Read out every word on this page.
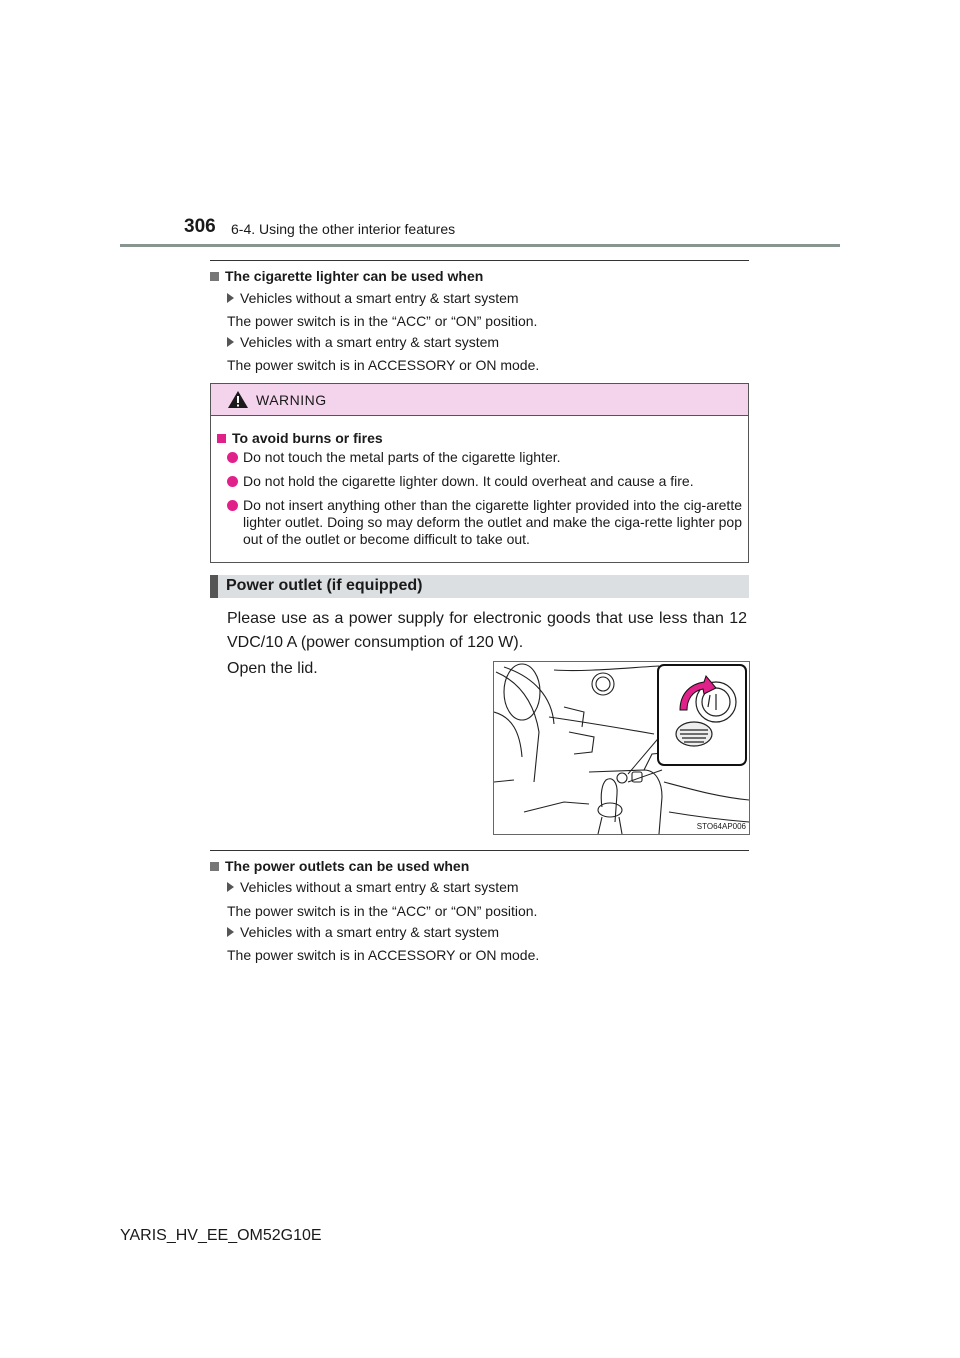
306 6-4. Using the other interior features
The cigarette lighter can be used when
Vehicles without a smart entry & start system
The power switch is in the “ACC” or “ON” position.
Vehicles with a smart entry & start system
The power switch is in ACCESSORY or ON mode.
WARNING
To avoid burns or fires
Do not touch the metal parts of the cigarette lighter.
Do not hold the cigarette lighter down. It could overheat and cause a fire.
Do not insert anything other than the cigarette lighter provided into the cig-arette lighter outlet. Doing so may deform the outlet and make the ciga-rette lighter pop out of the outlet or become difficult to take out.
Power outlet (if equipped)
Please use as a power supply for electronic goods that use less than 12 VDC/10 A (power consumption of 120 W).
Open the lid.
STO64AP006
The power outlets can be used when
Vehicles without a smart entry & start system
The power switch is in the “ACC” or “ON” position.
Vehicles with a smart entry & start system
The power switch is in ACCESSORY or ON mode.
YARIS_HV_EE_OM52G10E
